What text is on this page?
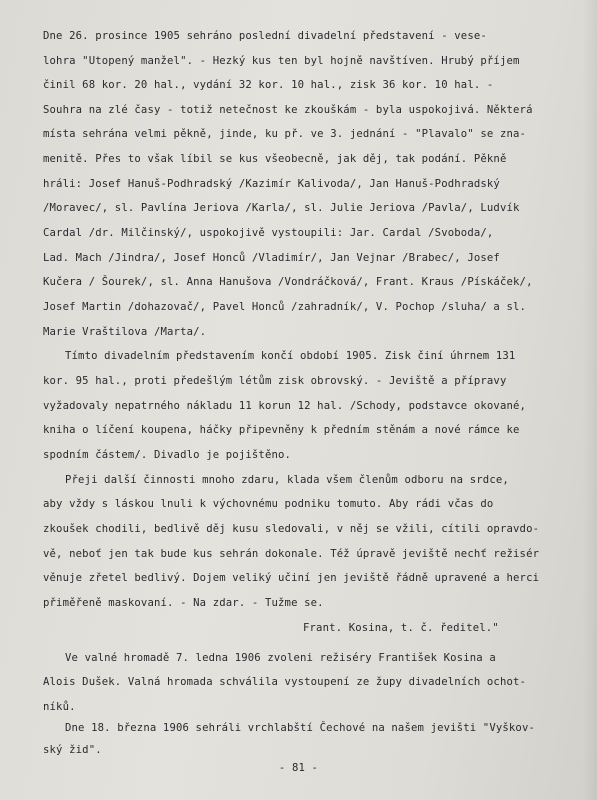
Dne 26. prosince 1905 sehráno poslední divadelní představení - vese-
lohra "Utopený manžel". - Hezký kus ten byl hojně navštíven. Hrubý příjem
činil 68 kor. 20 hal., vydání 32 kor. 10 hal., zisk 36 kor. 10 hal. -
Souhra na zlé časy - totiž netečnost ke zkouškám - byla uspokojivá. Některá
místa sehrána velmi pěkně, jinde, ku př. ve 3. jednání - "Plavalo" se zna-
menitě. Přes to však líbil se kus všeobecně, jak děj, tak podání. Pěkně
hráli: Josef Hanuš-Podhradský /Kazimír Kalivoda/, Jan Hanuš-Podhradský
/Moravec/, sl. Pavlína Jeriova /Karla/, sl. Julie Jeriova /Pavla/, Ludvík
Cardal /dr. Milčinský/, uspokojivě vystoupili: Jar. Cardal /Svoboda/,
Lad. Mach /Jindra/, Josef Honců /Vladimír/, Jan Vejnar /Brabec/, Josef
Kučera / Šourek/, sl. Anna Hanušova /Vondráčková/, Frant. Kraus /Pískáček/,
Josef Martin /dohazovač/, Pavel Honců /zahradník/, V. Pochop /sluha/ a sl.
Marie Vraštilova /Marta/.
Tímto divadelním představením končí období 1905. Zisk činí úhrnem 131
kor. 95 hal., proti předešlým létům zisk obrovský. - Jeviště a přípravy
vyžadovaly nepatrného nákladu 11 korun 12 hal. /Schody, podstavce okované,
kniha o líčení koupena, háčky připevněny k předním stěnám a nové rámce ke
spodním částem/. Divadlo je pojištěno.
Přeji další činnosti mnoho zdaru, klada všem členům odboru na srdce,
aby vždy s láskou lnuli k výchovnému podniku tomuto. Aby rádi včas do
zkoušek chodili, bedlivě děj kusu sledovali, v něj se vžili, cítili opravdo-
vě, neboť jen tak bude kus sehrán dokonale. Též úpravě jeviště nechť režisér
věnuje zřetel bedlivý. Dojem veliký učiní jen jeviště řádně upravené a herci
přiměřeně maskovaní. - Na zdar. - Tužme se.
Frant. Kosina, t. č. ředitel."
Ve valné hromadě 7. ledna 1906 zvoleni režiséry František Kosina a
Alois Dušek. Valná hromada schválila vystoupení ze župy divadelních ochot-
níků.
Dne 18. března 1906 sehráli vrchlabští Čechové na našem jevišti "Vyškov-
ský žid".
- 81 -
